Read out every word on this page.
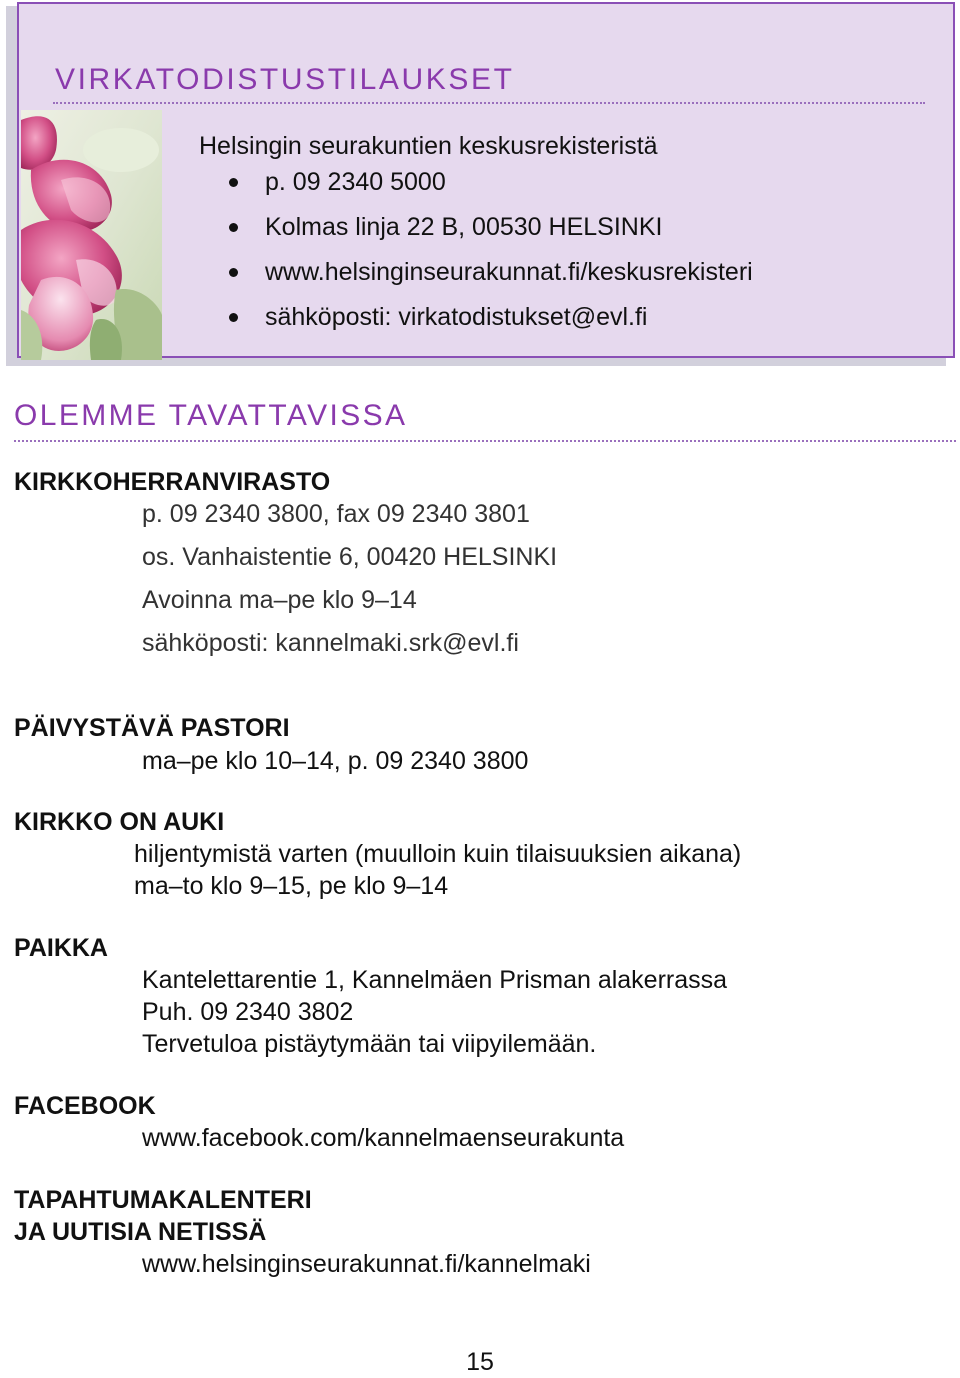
VIRKATODISTUSTILAUKSET
Helsingin seurakuntien keskusrekisteristä
p. 09 2340 5000
Kolmas linja 22 B, 00530 HELSINKI
www.helsinginseurakunnat.fi/keskusrekisteri
sähköposti: virkatodistukset@evl.fi
OLEMME TAVATTAVISSA
KIRKKOHERRANVIRASTO
p. 09 2340 3800, fax 09 2340 3801
os. Vanhaistentie 6, 00420 HELSINKI
Avoinna ma–pe klo 9–14
sähköposti: kannelmaki.srk@evl.fi
PÄIVYSTÄVÄ PASTORI
ma–pe klo 10–14, p. 09 2340 3800
KIRKKO ON AUKI
hiljentymistä varten (muulloin kuin tilaisuuksien aikana)
ma–to klo 9–15, pe klo 9–14
PAIKKA
Kantelettarentie 1, Kannelmäen Prisman alakerrassa
Puh. 09 2340 3802
Tervetuloa pistäytymään tai viipyilemään.
FACEBOOK
www.facebook.com/kannelmaenseurakunta
TAPAHTUMAKALENTERI
JA UUTISIA NETISSÄ
www.helsinginseurakunnat.fi/kannelmaki
15
